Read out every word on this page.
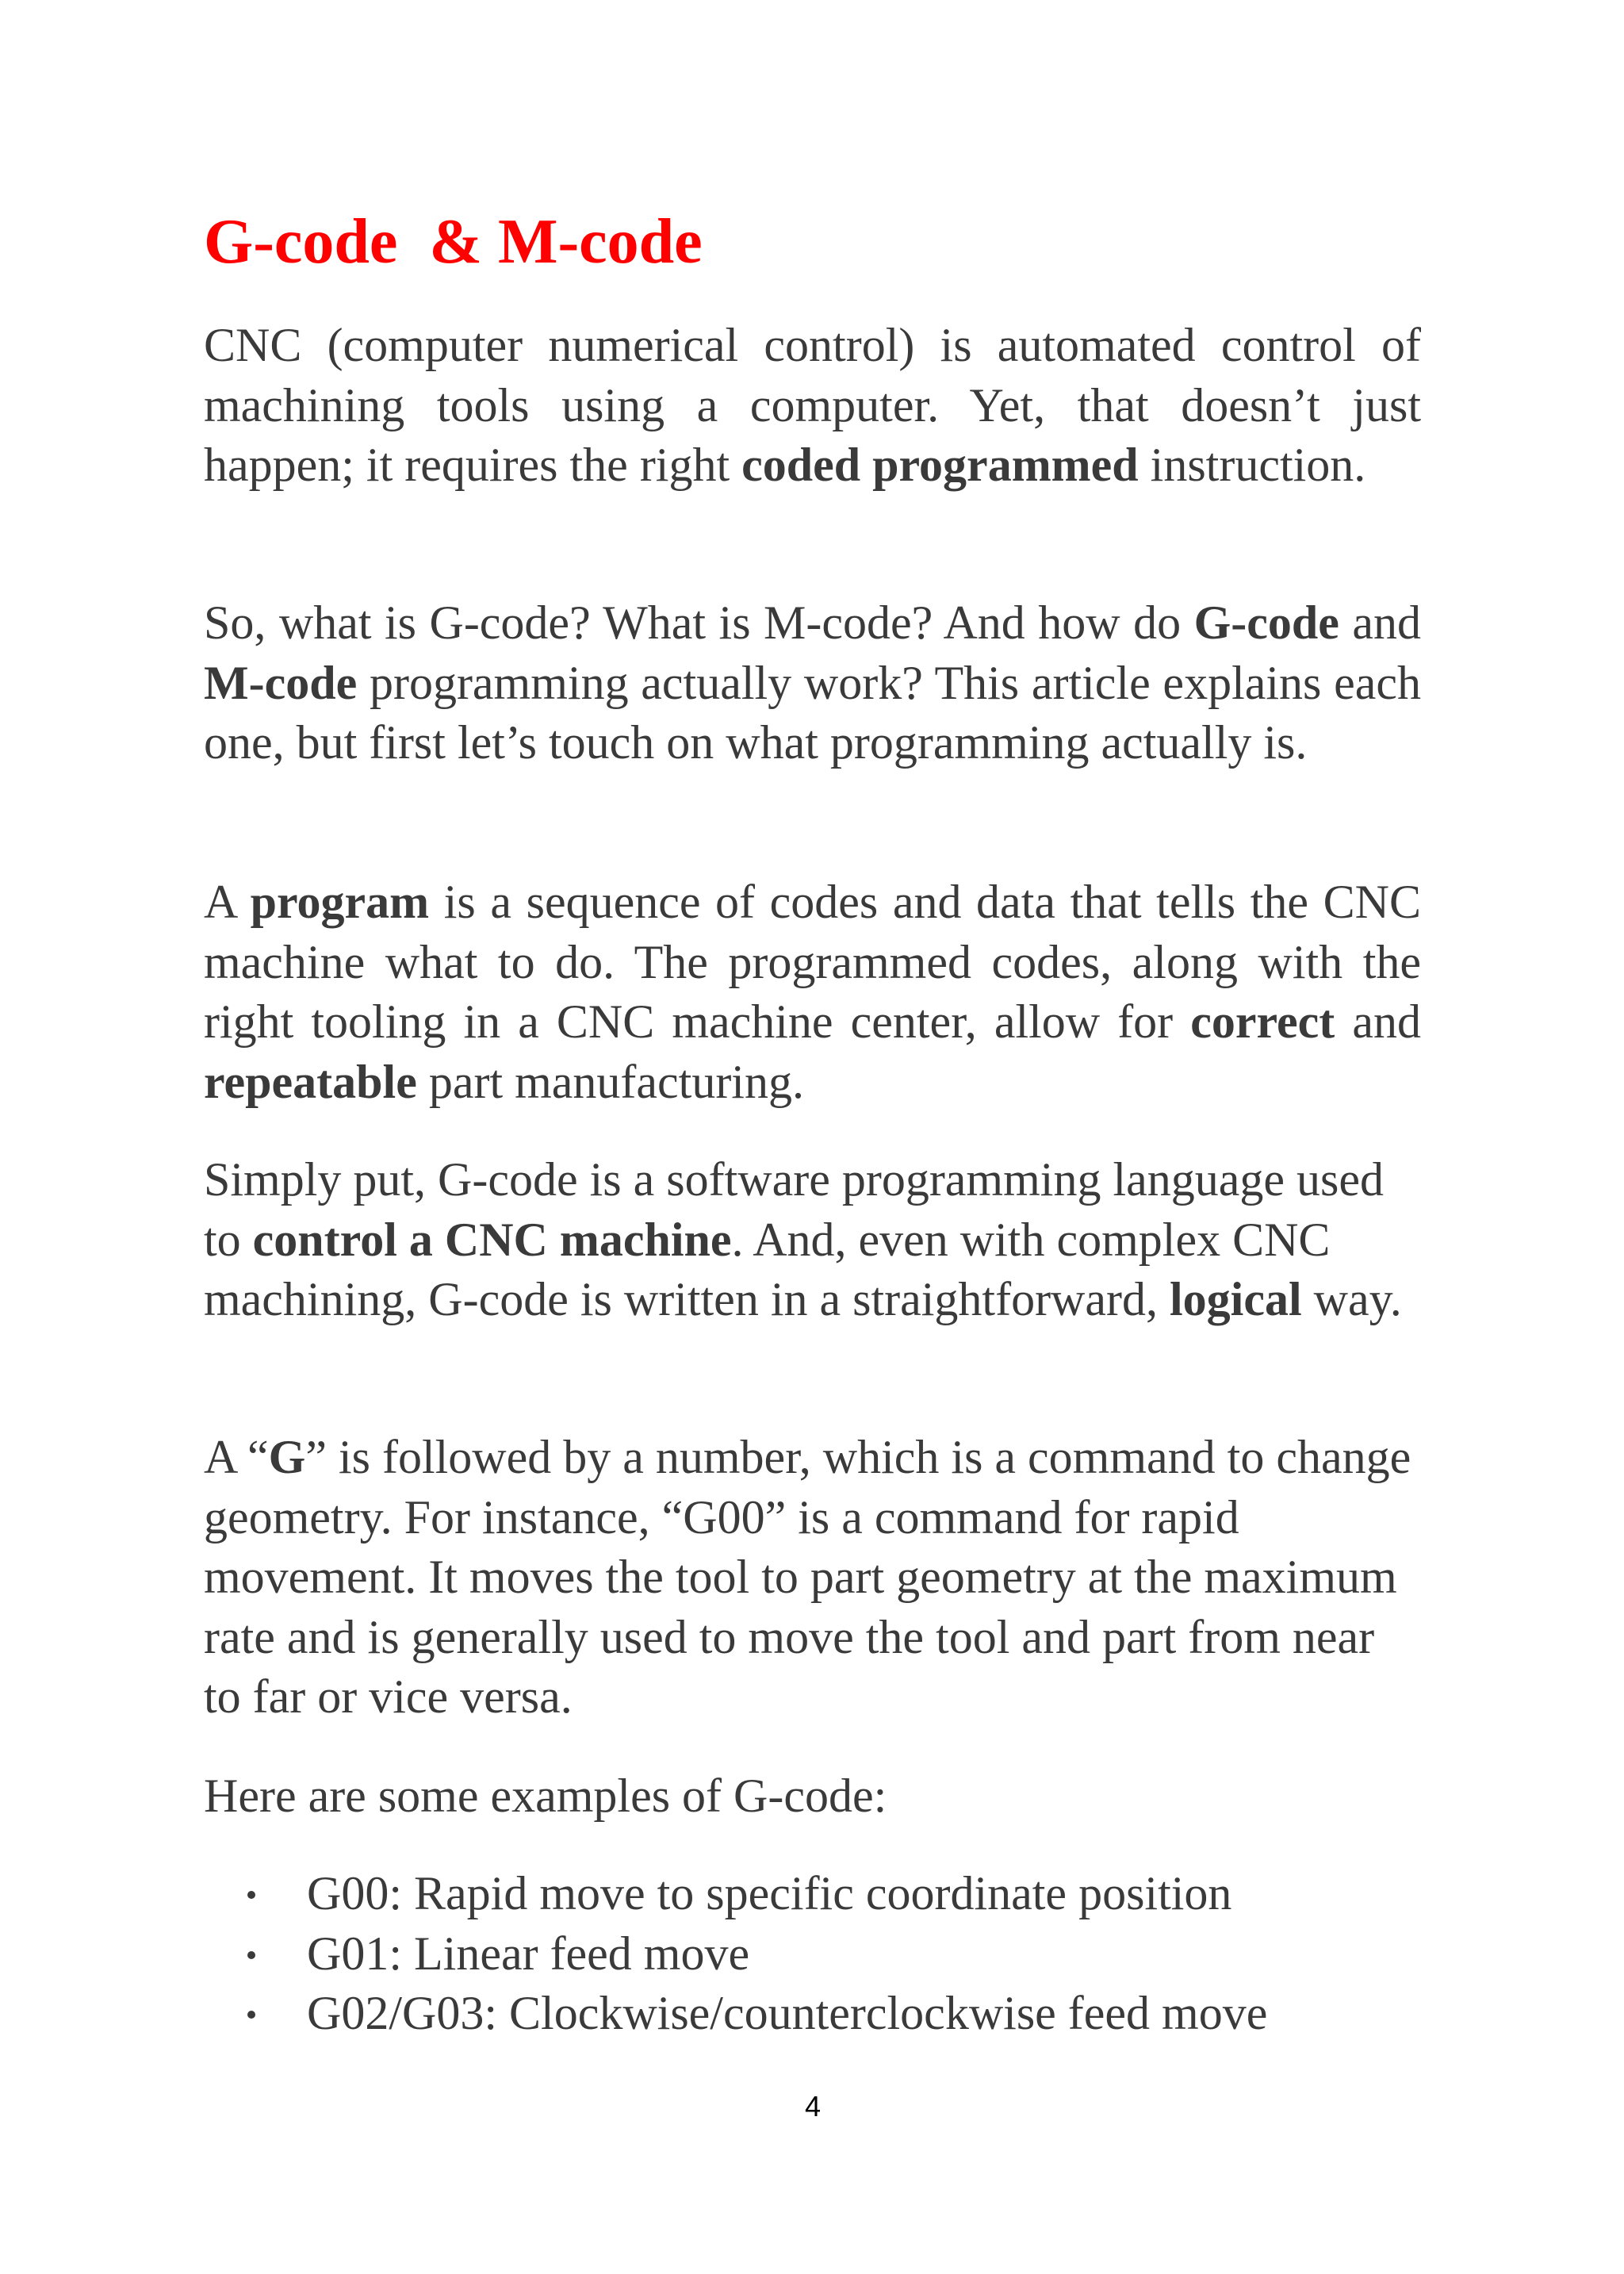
G-code  & M-code

CNC (computer numerical control) is automated control of machining tools using a computer. Yet, that doesn’t just happen; it requires the right coded programmed instruction.

So, what is G-code? What is M-code? And how do G-code and M-code programming actually work? This article explains each one, but first let’s touch on what programming actually is.

A program is a sequence of codes and data that tells the CNC machine what to do. The programmed codes, along with the right tooling in a CNC machine center, allow for correct and repeatable part manufacturing.

Simply put, G-code is a software programming language used to control a CNC machine. And, even with complex CNC machining, G-code is written in a straightforward, logical way.

A “G” is followed by a number, which is a command to change geometry. For instance, “G00” is a command for rapid movement. It moves the tool to part geometry at the maximum rate and is generally used to move the tool and part from near to far or vice versa.

Here are some examples of G-code:

G00: Rapid move to specific coordinate position
G01: Linear feed move
G02/G03: Clockwise/counterclockwise feed move
4
